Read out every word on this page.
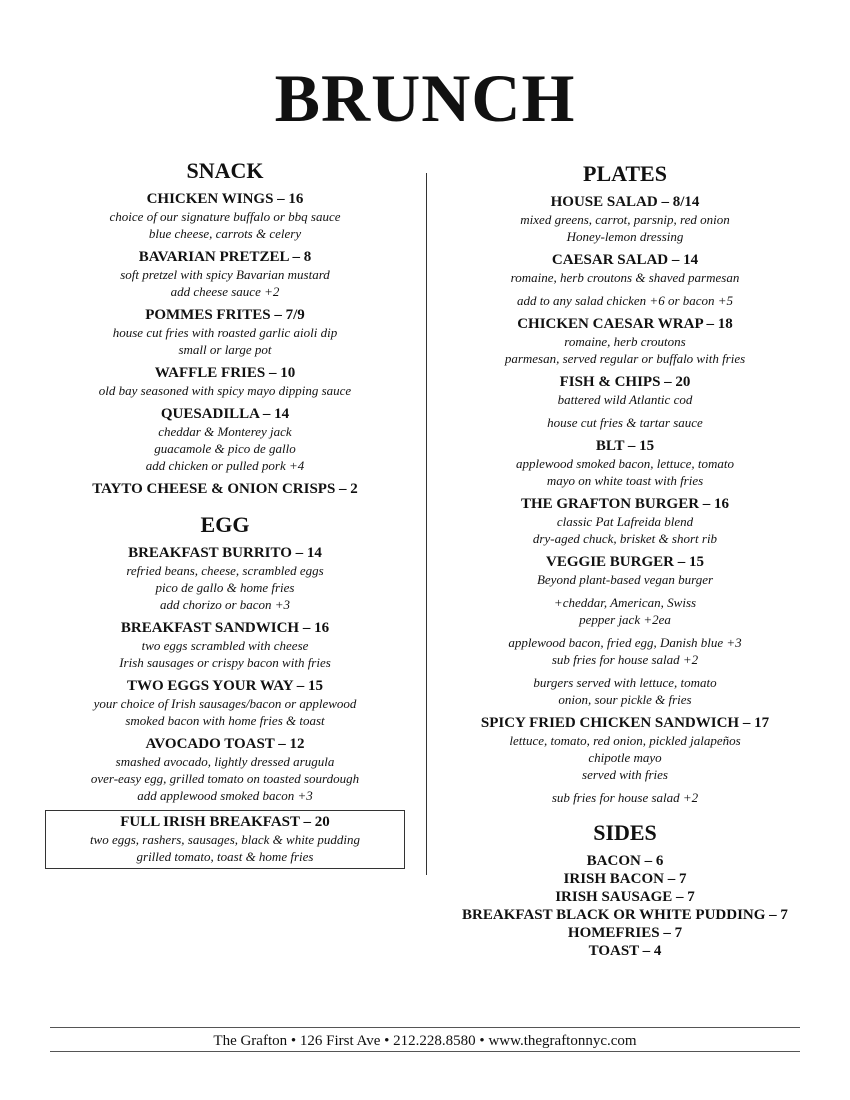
BRUNCH
SNACK
CHICKEN WINGS – 16
choice of our signature buffalo or bbq sauce
blue cheese, carrots & celery
BAVARIAN PRETZEL – 8
soft pretzel with spicy Bavarian mustard
add cheese sauce +2
POMMES FRITES – 7/9
house cut fries with roasted garlic aioli dip
small or large pot
WAFFLE FRIES – 10
old bay seasoned with spicy mayo dipping sauce
QUESADILLA – 14
cheddar & Monterey jack
guacamole & pico de gallo
add chicken or pulled pork +4
TAYTO CHEESE & ONION CRISPS – 2
EGG
BREAKFAST BURRITO – 14
refried beans, cheese, scrambled eggs
pico de gallo & home fries
add chorizo or bacon +3
BREAKFAST SANDWICH – 16
two eggs scrambled with cheese
Irish sausages or crispy bacon with fries
TWO EGGS YOUR WAY – 15
your choice of Irish sausages/bacon or applewood
smoked bacon with home fries & toast
AVOCADO TOAST – 12
smashed avocado, lightly dressed arugula
over-easy egg, grilled tomato on toasted sourdough
add applewood smoked bacon +3
FULL IRISH BREAKFAST – 20
two eggs, rashers, sausages, black & white pudding
grilled tomato, toast & home fries
PLATES
HOUSE SALAD – 8/14
mixed greens, carrot, parsnip, red onion
Honey-lemon dressing
CAESAR SALAD – 14
romaine, herb croutons & shaved parmesan
add to any salad chicken +6 or bacon +5
CHICKEN CAESAR WRAP – 18
romaine, herb croutons
parmesan, served regular or buffalo with fries
FISH & CHIPS – 20
battered wild Atlantic cod
house cut fries & tartar sauce
BLT – 15
applewood smoked bacon, lettuce, tomato
mayo on white toast with fries
THE GRAFTON BURGER – 16
classic Pat Lafreida blend
dry-aged chuck, brisket & short rib
VEGGIE BURGER – 15
Beyond plant-based vegan burger
+cheddar, American, Swiss
pepper jack +2ea
applewood bacon, fried egg, Danish blue +3
sub fries for house salad +2
burgers served with lettuce, tomato
onion, sour pickle & fries
SPICY FRIED CHICKEN SANDWICH – 17
lettuce, tomato, red onion, pickled jalapeños
chipotle mayo
served with fries
sub fries for house salad +2
SIDES
BACON – 6
IRISH BACON – 7
IRISH SAUSAGE – 7
BREAKFAST BLACK OR WHITE PUDDING – 7
HOMEFRIES – 7
TOAST – 4
The Grafton • 126 First Ave • 212.228.8580 • www.thegraftonnyc.com
